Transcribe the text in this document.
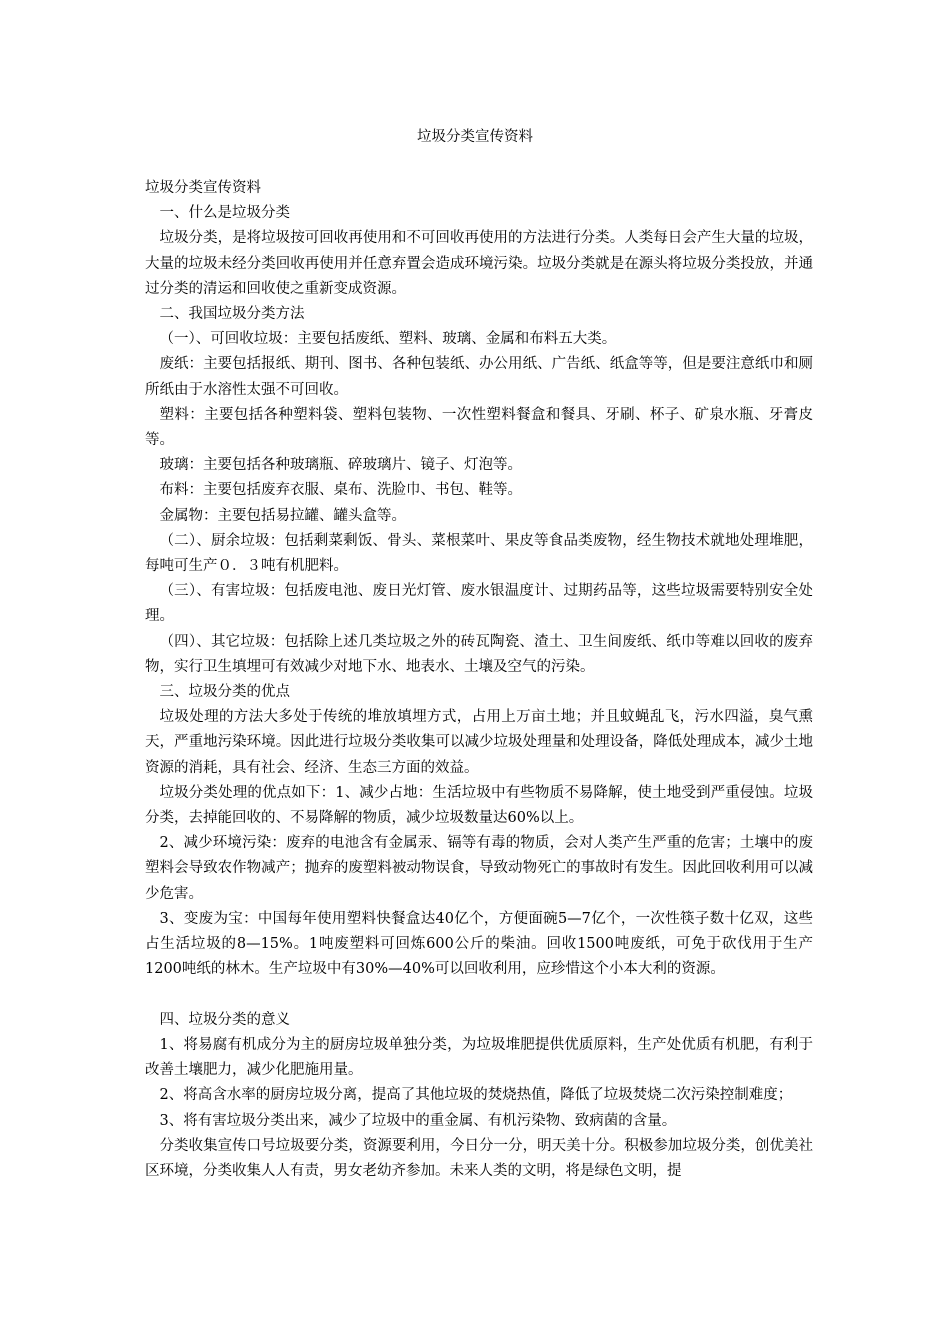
垃圾分类宣传资料

垃圾分类宣传资料

一、什么是垃圾分类

垃圾分类，是将垃圾按可回收再使用和不可回收再使用的方法进行分类。人类每日会产生大量的垃圾，大量的垃圾未经分类回收再使用并任意弃置会造成环境污染。垃圾分类就是在源头将垃圾分类投放，并通过分类的清运和回收使之重新变成资源。

二、我国垃圾分类方法

（一）、可回收垃圾：主要包括废纸、塑料、玻璃、金属和布料五大类。

废纸：主要包括报纸、期刊、图书、各种包装纸、办公用纸、广告纸、纸盒等等，但是要注意纸巾和厕所纸由于水溶性太强不可回收。

塑料：主要包括各种塑料袋、塑料包装物、一次性塑料餐盒和餐具、牙刷、杯子、矿泉水瓶、牙膏皮等。

玻璃：主要包括各种玻璃瓶、碎玻璃片、镜子、灯泡等。

布料：主要包括废弃衣服、桌布、洗脸巾、书包、鞋等。

金属物：主要包括易拉罐、罐头盒等。

（二）、厨余垃圾：包括剩菜剩饭、骨头、菜根菜叶、果皮等食品类废物，经生物技术就地处理堆肥，每吨可生产０．３吨有机肥料。

（三）、有害垃圾：包括废电池、废日光灯管、废水银温度计、过期药品等，这些垃圾需要特别安全处理。

（四）、其它垃圾：包括除上述几类垃圾之外的砖瓦陶瓷、渣土、卫生间废纸、纸巾等难以回收的废弃物，实行卫生填埋可有效减少对地下水、地表水、土壤及空气的污染。

三、垃圾分类的优点

垃圾处理的方法大多处于传统的堆放填埋方式，占用上万亩土地；并且蚊蝇乱飞，污水四溢，臭气熏天，严重地污染环境。因此进行垃圾分类收集可以减少垃圾处理量和处理设备，降低处理成本，减少土地资源的消耗，具有社会、经济、生态三方面的效益。

垃圾分类处理的优点如下：1、减少占地：生活垃圾中有些物质不易降解，使土地受到严重侵蚀。垃圾分类，去掉能回收的、不易降解的物质，减少垃圾数量达60%以上。

2、减少环境污染：废弃的电池含有金属汞、镉等有毒的物质，会对人类产生严重的危害；土壤中的废塑料会导致农作物减产；抛弃的废塑料被动物误食，导致动物死亡的事故时有发生。因此回收利用可以减少危害。

3、变废为宝：中国每年使用塑料快餐盒达40亿个，方便面碗5—7亿个，一次性筷子数十亿双，这些占生活垃圾的8—15%。1吨废塑料可回炼600公斤的柴油。回收1500吨废纸，可免于砍伐用于生产1200吨纸的林木。生产垃圾中有30%—40%可以回收利用，应珍惜这个小本大利的资源。

四、垃圾分类的意义

1、将易腐有机成分为主的厨房垃圾单独分类，为垃圾堆肥提供优质原料，生产处优质有机肥，有利于改善土壤肥力，减少化肥施用量。

2、将高含水率的厨房垃圾分离，提高了其他垃圾的焚烧热值，降低了垃圾焚烧二次污染控制难度；

3、将有害垃圾分类出来，减少了垃圾中的重金属、有机污染物、致病菌的含量。

分类收集宣传口号垃圾要分类，资源要利用，今日分一分，明天美十分。积极参加垃圾分类，创优美社区环境，分类收集人人有责，男女老幼齐参加。未来人类的文明，将是绿色文明，提
